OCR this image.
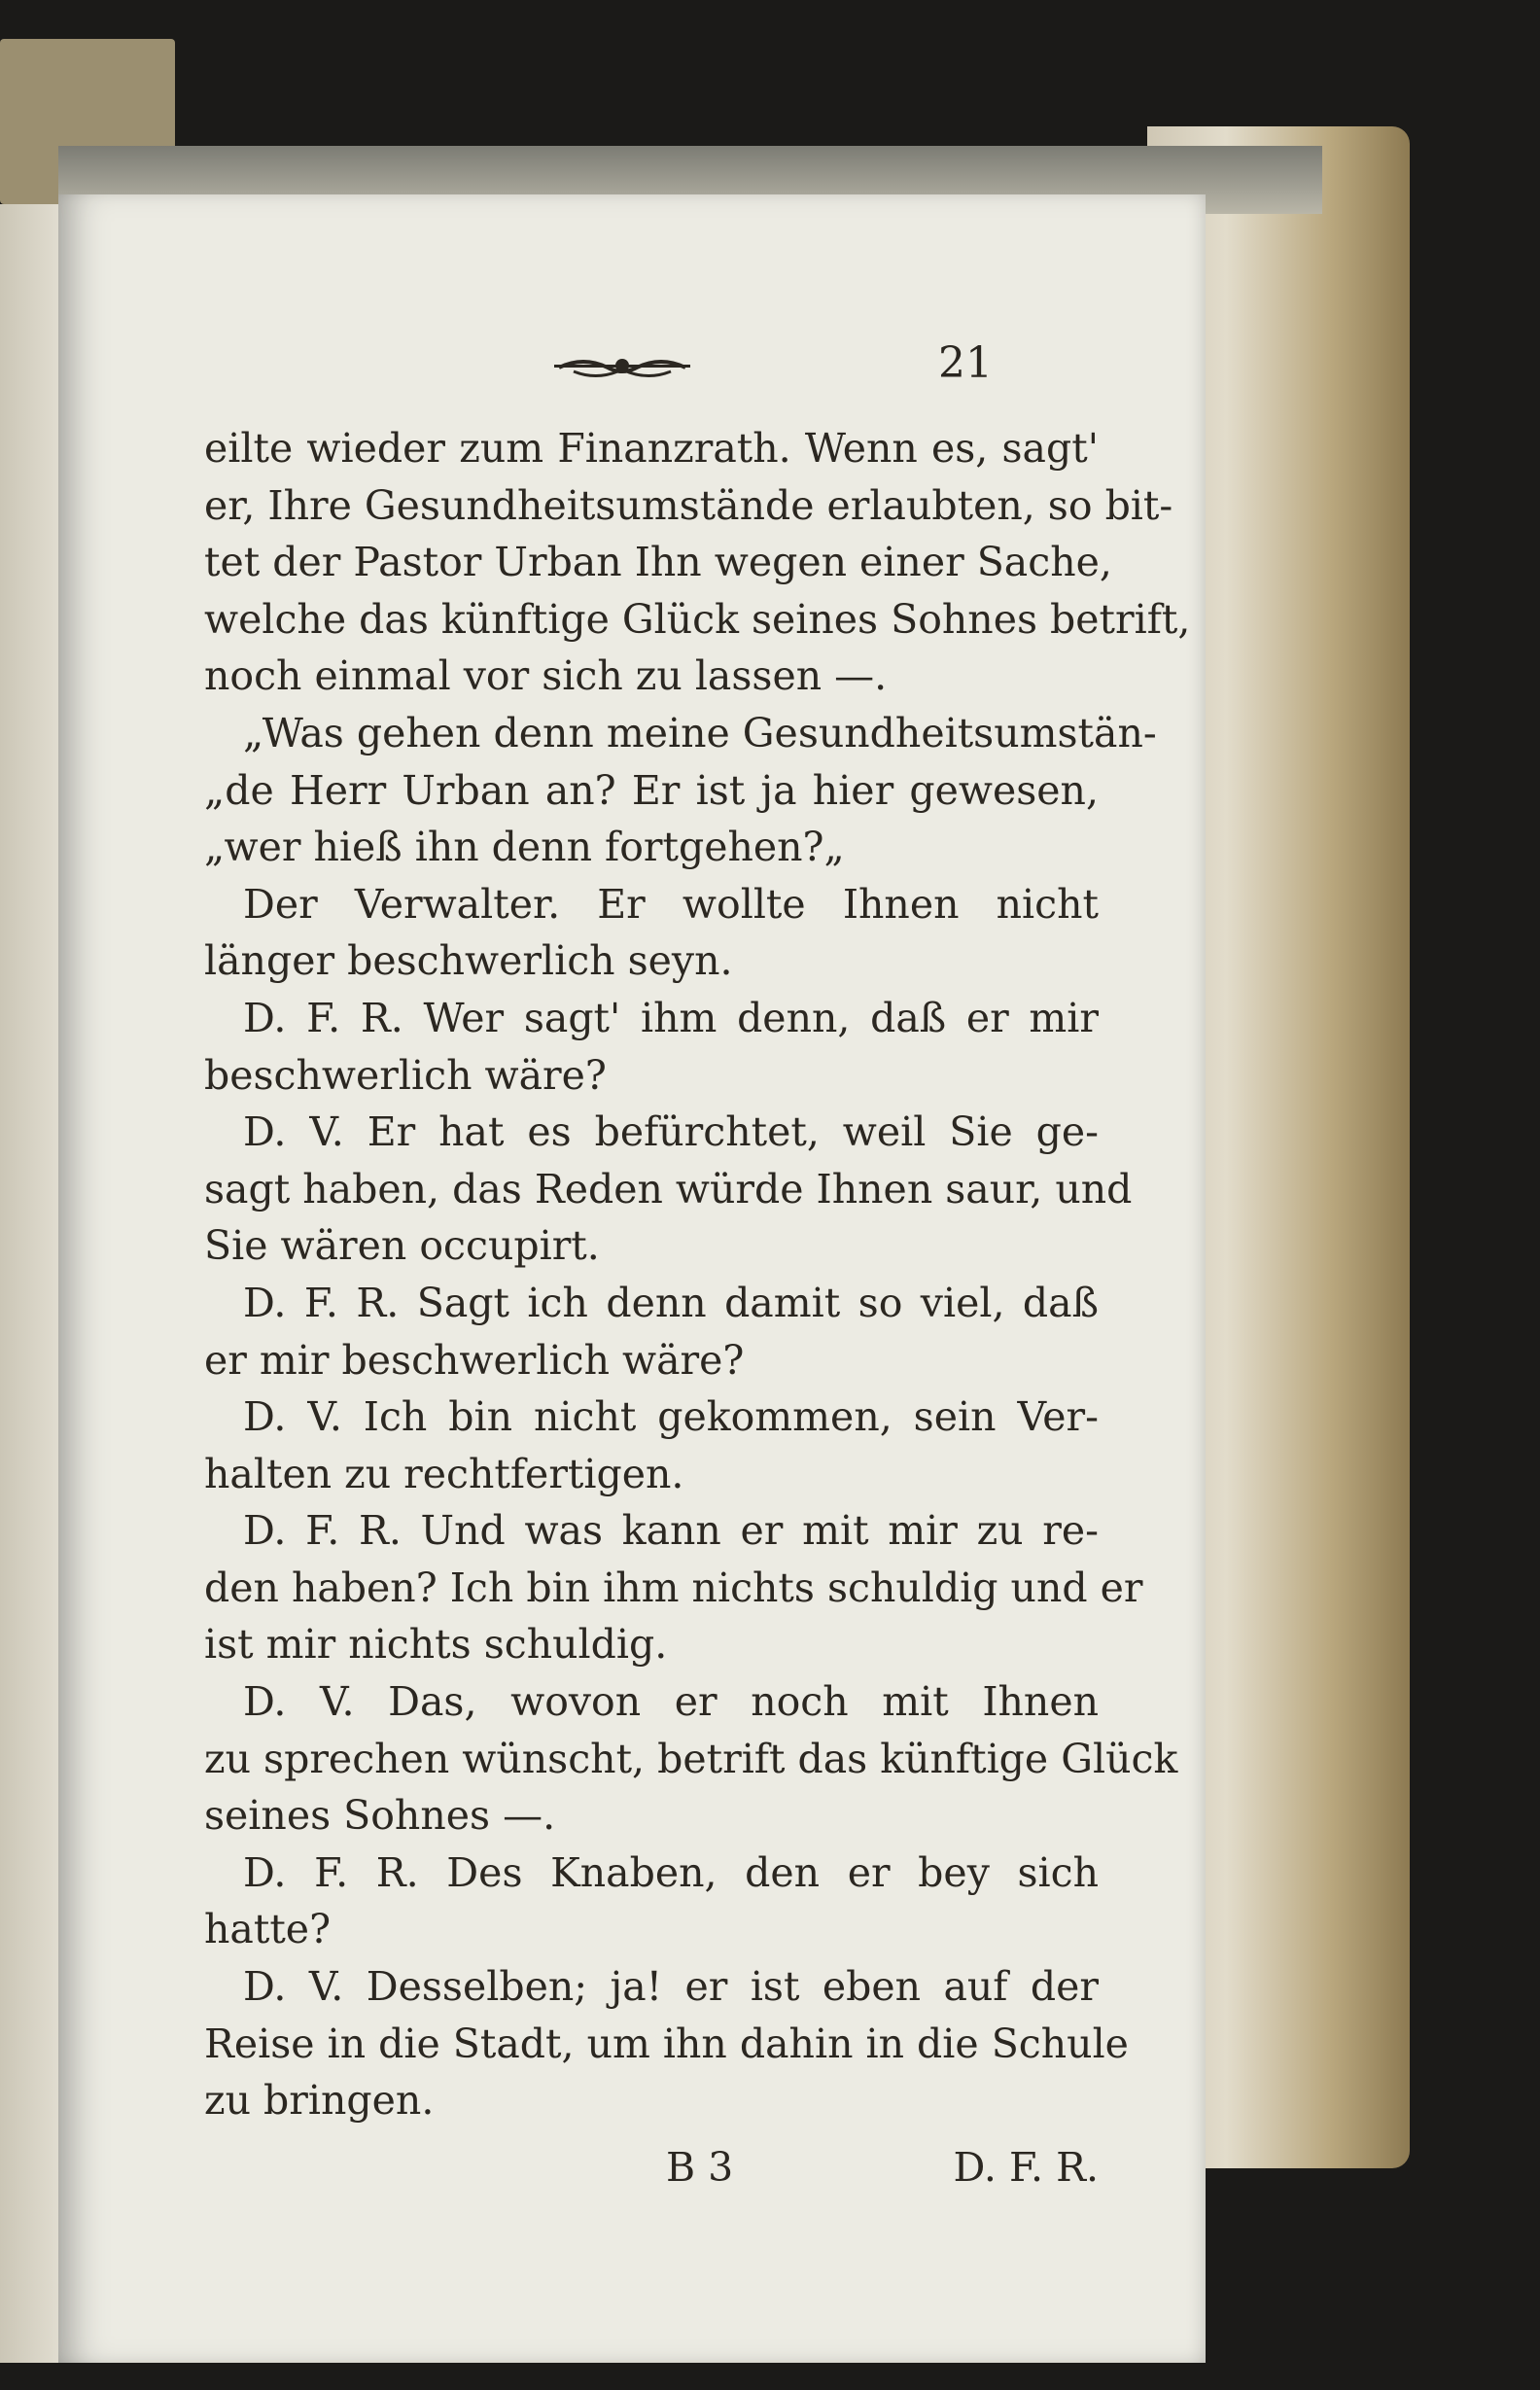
21
eilte wieder zum Finanzrath. Wenn es, sagt'
er, Ihre Gesundheitsumstände erlaubten, so bit-
tet der Pastor Urban Ihn wegen einer Sache,
welche das künftige Glück seines Sohnes betrift,
noch einmal vor sich zu lassen —.
„Was gehen denn meine Gesundheitsumstän-
„de Herr Urban an? Er ist ja hier gewesen,
„wer hieß ihn denn fortgehen?„
Der Verwalter. Er wollte Ihnen nicht
länger beschwerlich seyn.
D. F. R. Wer sagt' ihm denn, daß er mir
beschwerlich wäre?
D. V. Er hat es befürchtet, weil Sie ge-
sagt haben, das Reden würde Ihnen saur, und
Sie wären occupirt.
D. F. R. Sagt ich denn damit so viel, daß
er mir beschwerlich wäre?
D. V. Ich bin nicht gekommen, sein Ver-
halten zu rechtfertigen.
D. F. R. Und was kann er mit mir zu re-
den haben? Ich bin ihm nichts schuldig und er
ist mir nichts schuldig.
D. V. Das, wovon er noch mit Ihnen
zu sprechen wünscht, betrift das künftige Glück
seines Sohnes —.
D. F. R. Des Knaben, den er bey sich
hatte?
D. V. Desselben; ja! er ist eben auf der
Reise in die Stadt, um ihn dahin in die Schule
zu bringen.
B 3	D. F. R.
